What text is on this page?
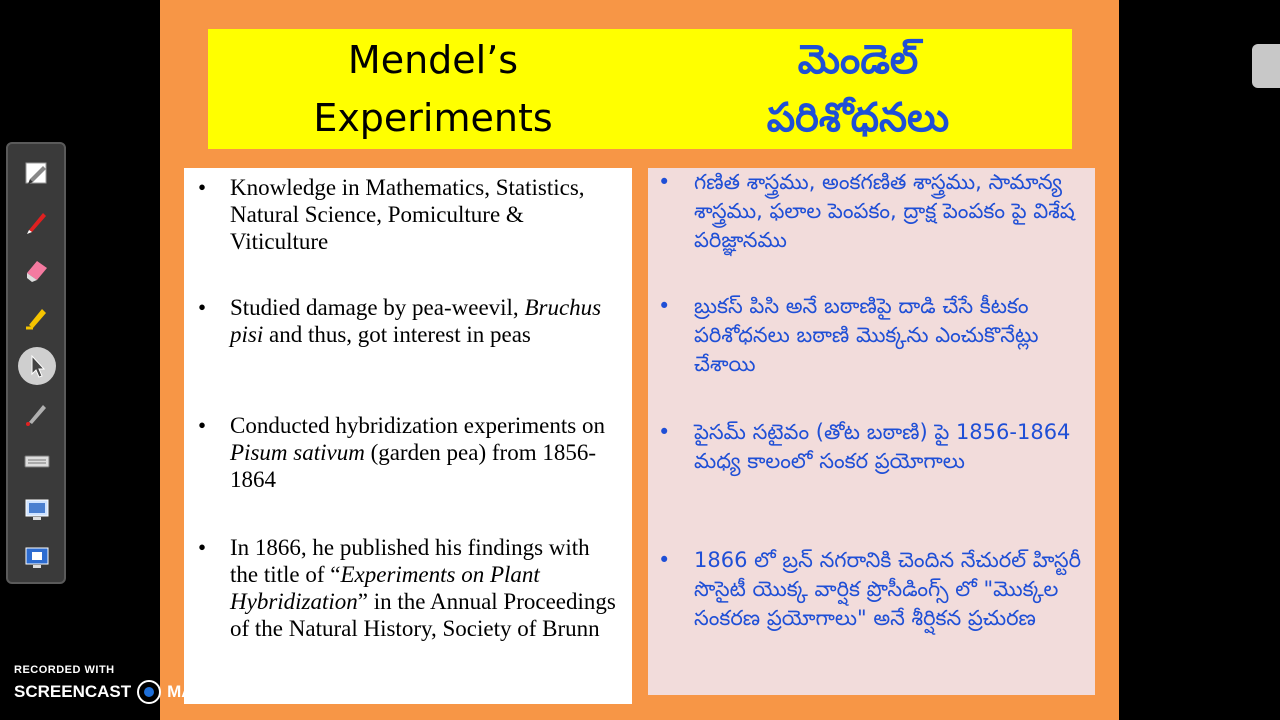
Mendel’s
Experiments
మెండెల్
పరిశోధనలు
•	Knowledge in Mathematics, Statistics, Natural Science, Pomiculture & Viticulture
•	Studied damage by pea-weevil, Bruchus pisi and thus, got interest in peas
•	Conducted hybridization experiments on Pisum sativum (garden pea) from 1856-1864
•	In 1866, he published his findings with the title of “Experiments on Plant Hybridization” in the Annual Proceedings of the Natural History, Society of Brunn
•	గణిత శాస్త్రము, అంకగణిత శాస్త్రము, సామాన్య శాస్త్రము, ఫలాల పెంపకం, ద్రాక్ష పెంపకం పై విశేష పరిజ్ఞానము
•	బ్రుకస్ పిసి అనే బఠాణిపై దాడి చేసే కీటకం పరిశోధనలు బఠాణి మొక్కను ఎంచుకొనేట్లు చేశాయి
•	పైసమ్ సటైవం (తోట బఠాణి) పై 1856-1864 మధ్య కాలంలో సంకర ప్రయోగాలు
•	1866 లో బ్రన్ నగరానికి చెందిన నేచురల్ హిస్టరీ సొసైటీ యొక్క వార్షిక ప్రొసీడింగ్స్ లో "మొక్కల సంకరణ ప్రయోగాలు" అనే శీర్షికన ప్రచురణ
RECORDED WITH
SCREENCAST MATIC
